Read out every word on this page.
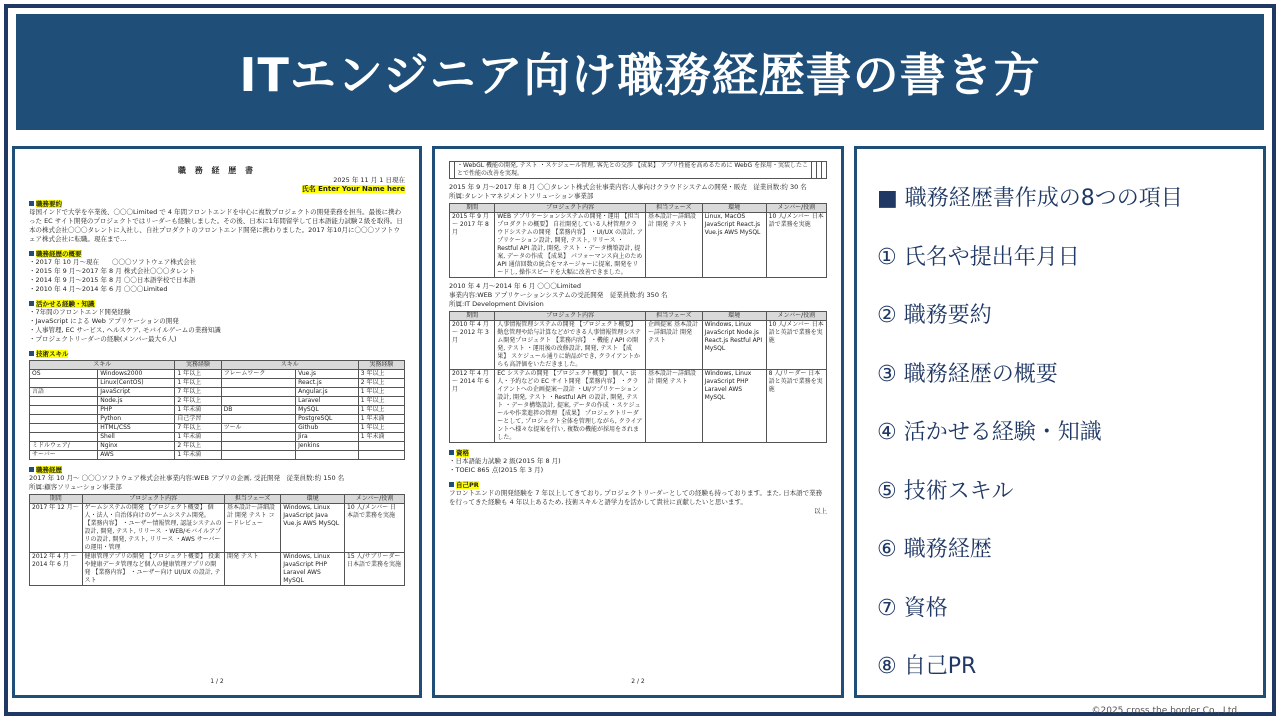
ITエンジニア向け職務経歴書の書き方
職 務 経 歴 書
2025 年 11 月 1 日現在
氏名 Enter Your Name here
職務要約
母国インドで大学を卒業後、〇〇〇Limited で 4 年間フロントエンドを中心に複数プロジェクトの開発業務を担当。最後に携わった EC サイト開発のプロジェクトではリーダーも経験しました。その後、日本に1年間留学して日本語能力試験２級を取得。日本の株式会社〇〇〇タレントに入社し、自社プロダクトのフロントエンド開発に携わりました。2017 年10月に〇〇〇ソフトウェア株式会社に転職。現在まで…
職務経歴の概要
・2017 年 10 月～現在　　〇〇〇ソフトウェア株式会社
・2015 年 9 月～2017 年 8 月 株式会社〇〇〇タレント
・2014 年 9 月～2015 年 8 月 〇〇日本語学校で日本語
・2010 年 4 月～2014 年 6 月 〇〇〇Limited
活かせる経験・知識
・7年間のフロントエンド開発経験
・JavaScript による Web アプリケーションの開発
・人事管理, EC サービス, ヘルスケア, モバイルゲームの業務知識
・プロジェクトリーダーの経験(メンバー最大６人)
技術スキル
スキル		実務経験	スキル		実務経験
OS	Windows2000	1 年以上	フレームワーク	Vue.js	3 年以上
	Linux(CentOS)	1 年以上		React.js	2 年以上
言語	JavaScript	7 年以上		Angular.js	1 年以上
	Node.js	2 年以上		Laravel	1 年以上
	PHP	1 年未満	DB	MySQL	1 年以上
	Python	自己学習		PostgreSQL	1 年未満
	HTML/CSS	7 年以上	ツール	Github	1 年以上
	Shell	1 年未満		Jira	1 年未満
ミドルウェア/	Nginx	2 年以上		Jenkins	
サーバー	AWS	1 年未満			
職務経歴
2017 年 10 月～ 〇〇〇ソフトウェア株式会社事業内容:WEB アプリの企画, 受託開発　従業員数:約 150 名
所属:顧客ソリューション事業部
期間	プロジェクト内容	担当フェーズ	環境	メンバー/役割
2017 年 12 月～	ゲームシステムの開発 【プロジェクト概要】 個人・法人・自治体向けのゲームシステム開発。 【業務内容】 ・ユーザー情報管理, 認証システムの設計, 開発, テスト, リリース ・WEB/モバイルアプリの設計, 開発, テスト, リリース ・AWS サーバーの運用・管理	基本設計～詳細設計 開発 テスト コードレビュー	Windows, Linux JavaScript Java Vue.js AWS MySQL	10 人/メンバー 日本語で業務を実施
2012 年 4 月 ～ 2014 年 6 月	健康管理アプリの開発 【プロジェクト概要】 投薬や健康データ管理など個人の健康管理アプリの開発 【業務内容】 ・ユーザー向け UI/UX の設計, テスト	開発 テスト	Windows, Linux JavaScript PHP Laravel AWS MySQL	15 人/サブリーダー 日本語で業務を実施
1 / 2
	・WebGL 機能の開発, テスト ・スケジュール管理, 客先との交渉 【成果】 アプリ性能を高めるために WebG を採用・実装したことで性能の改善を実現。			
2015 年 9 月～2017 年 8 月 〇〇タレント株式会社事業内容:人事向けクラウドシステムの開発・販売　従業員数:約 30 名
所属:タレントマネジメントソリューション事業部
期間	プロジェクト内容	担当フェーズ	環境	メンバー/役割
2015 年 9 月 ～ 2017 年 8 月	WEB アプリケーションシステムの開発・運用 【担当プロダクトの概要】 自社開発している人材管理クラウドシステムの開発 【業務内容】 ・UI/UX の設計, アプリケーション設計, 開発, テスト, リリース ・Restful API 設計, 開発, テスト ・データ構築設計, 提案, データの作成 【成果】 パフォーマンス向上のため API 通信回数の統合をマネージャーに提案, 開発をリードし, 操作スピードを大幅に改善できました。	基本設計～詳細設計 開発 テスト	Linux, MacOS JavaScript React.js Vue.js AWS MySQL	10 人/メンバー 日本語で業務を実施
2010 年 4 月～2014 年 6 月 〇〇〇Limited
事業内容:WEB アプリケーションシステムの受託開発　従業員数:約 350 名
所属:IT Development Division
期間	プロジェクト内容	担当フェーズ	環境	メンバー/役割
2010 年 4 月 ～ 2012 年 3 月	人事情報管理システムの開発 【プロジェクト概要】 勤怠管理や給与計算などができる人事情報管理システム開発プロジェクト 【業務内容】 ・機能 / API の開発, テスト ・運用後の改修設計, 開発, テスト 【成果】 スケジュール通りに納品ができ, クライアントからも高評価をいただきました。	企画提案 基本設計～詳細設計 開発 テスト	Windows, Linux JavaScript Node.js React.js Restful API MySQL	10 人/メンバー 日本語と英語で業務を実施
2012 年 4 月 ～ 2014 年 6 月	EC システムの開発 【プロジェクト概要】 個人・法人・予約などの EC サイト開発 【業務内容】 ・クライアントへの企画提案～設計 ・UI/アプリケーション設計, 開発, テスト ・Restful API の設計, 開発, テスト ・データ構築設計, 提案, データの作成 ・スケジュールや作業進捗の管理 【成果】 プロジェクトリーダーとして, プロジェクト全体を管理しながら, クライアントへ様々な提案を行い, 複数の機能が採用をされました。	基本設計～詳細設計 開発 テスト	Windows, Linux JavaScript PHP Laravel AWS MySQL	8 人/リーダー 日本語と英語で業務を実施
資格
・日本語能力試験 2 級(2015 年 8 月)
・TOEIC 865 点(2015 年 3 月)
自己PR
フロントエンドの開発経験を 7 年以上してきており, プロジェクトリーダーとしての経験も持っております。また, 日本語で業務を行ってきた経験も 4 年以上あるため, 技術スキルと語学力を活かして貴社に貢献したいと思います。
以上
2 / 2
■ 職務経歴書作成の8つの項目
① 氏名や提出年月日
② 職務要約
③ 職務経歴の概要
④ 活かせる経験・知識
⑤ 技術スキル
⑥ 職務経歴
⑦ 資格
⑧ 自己PR
©2025 cross the border Co., Ltd.
